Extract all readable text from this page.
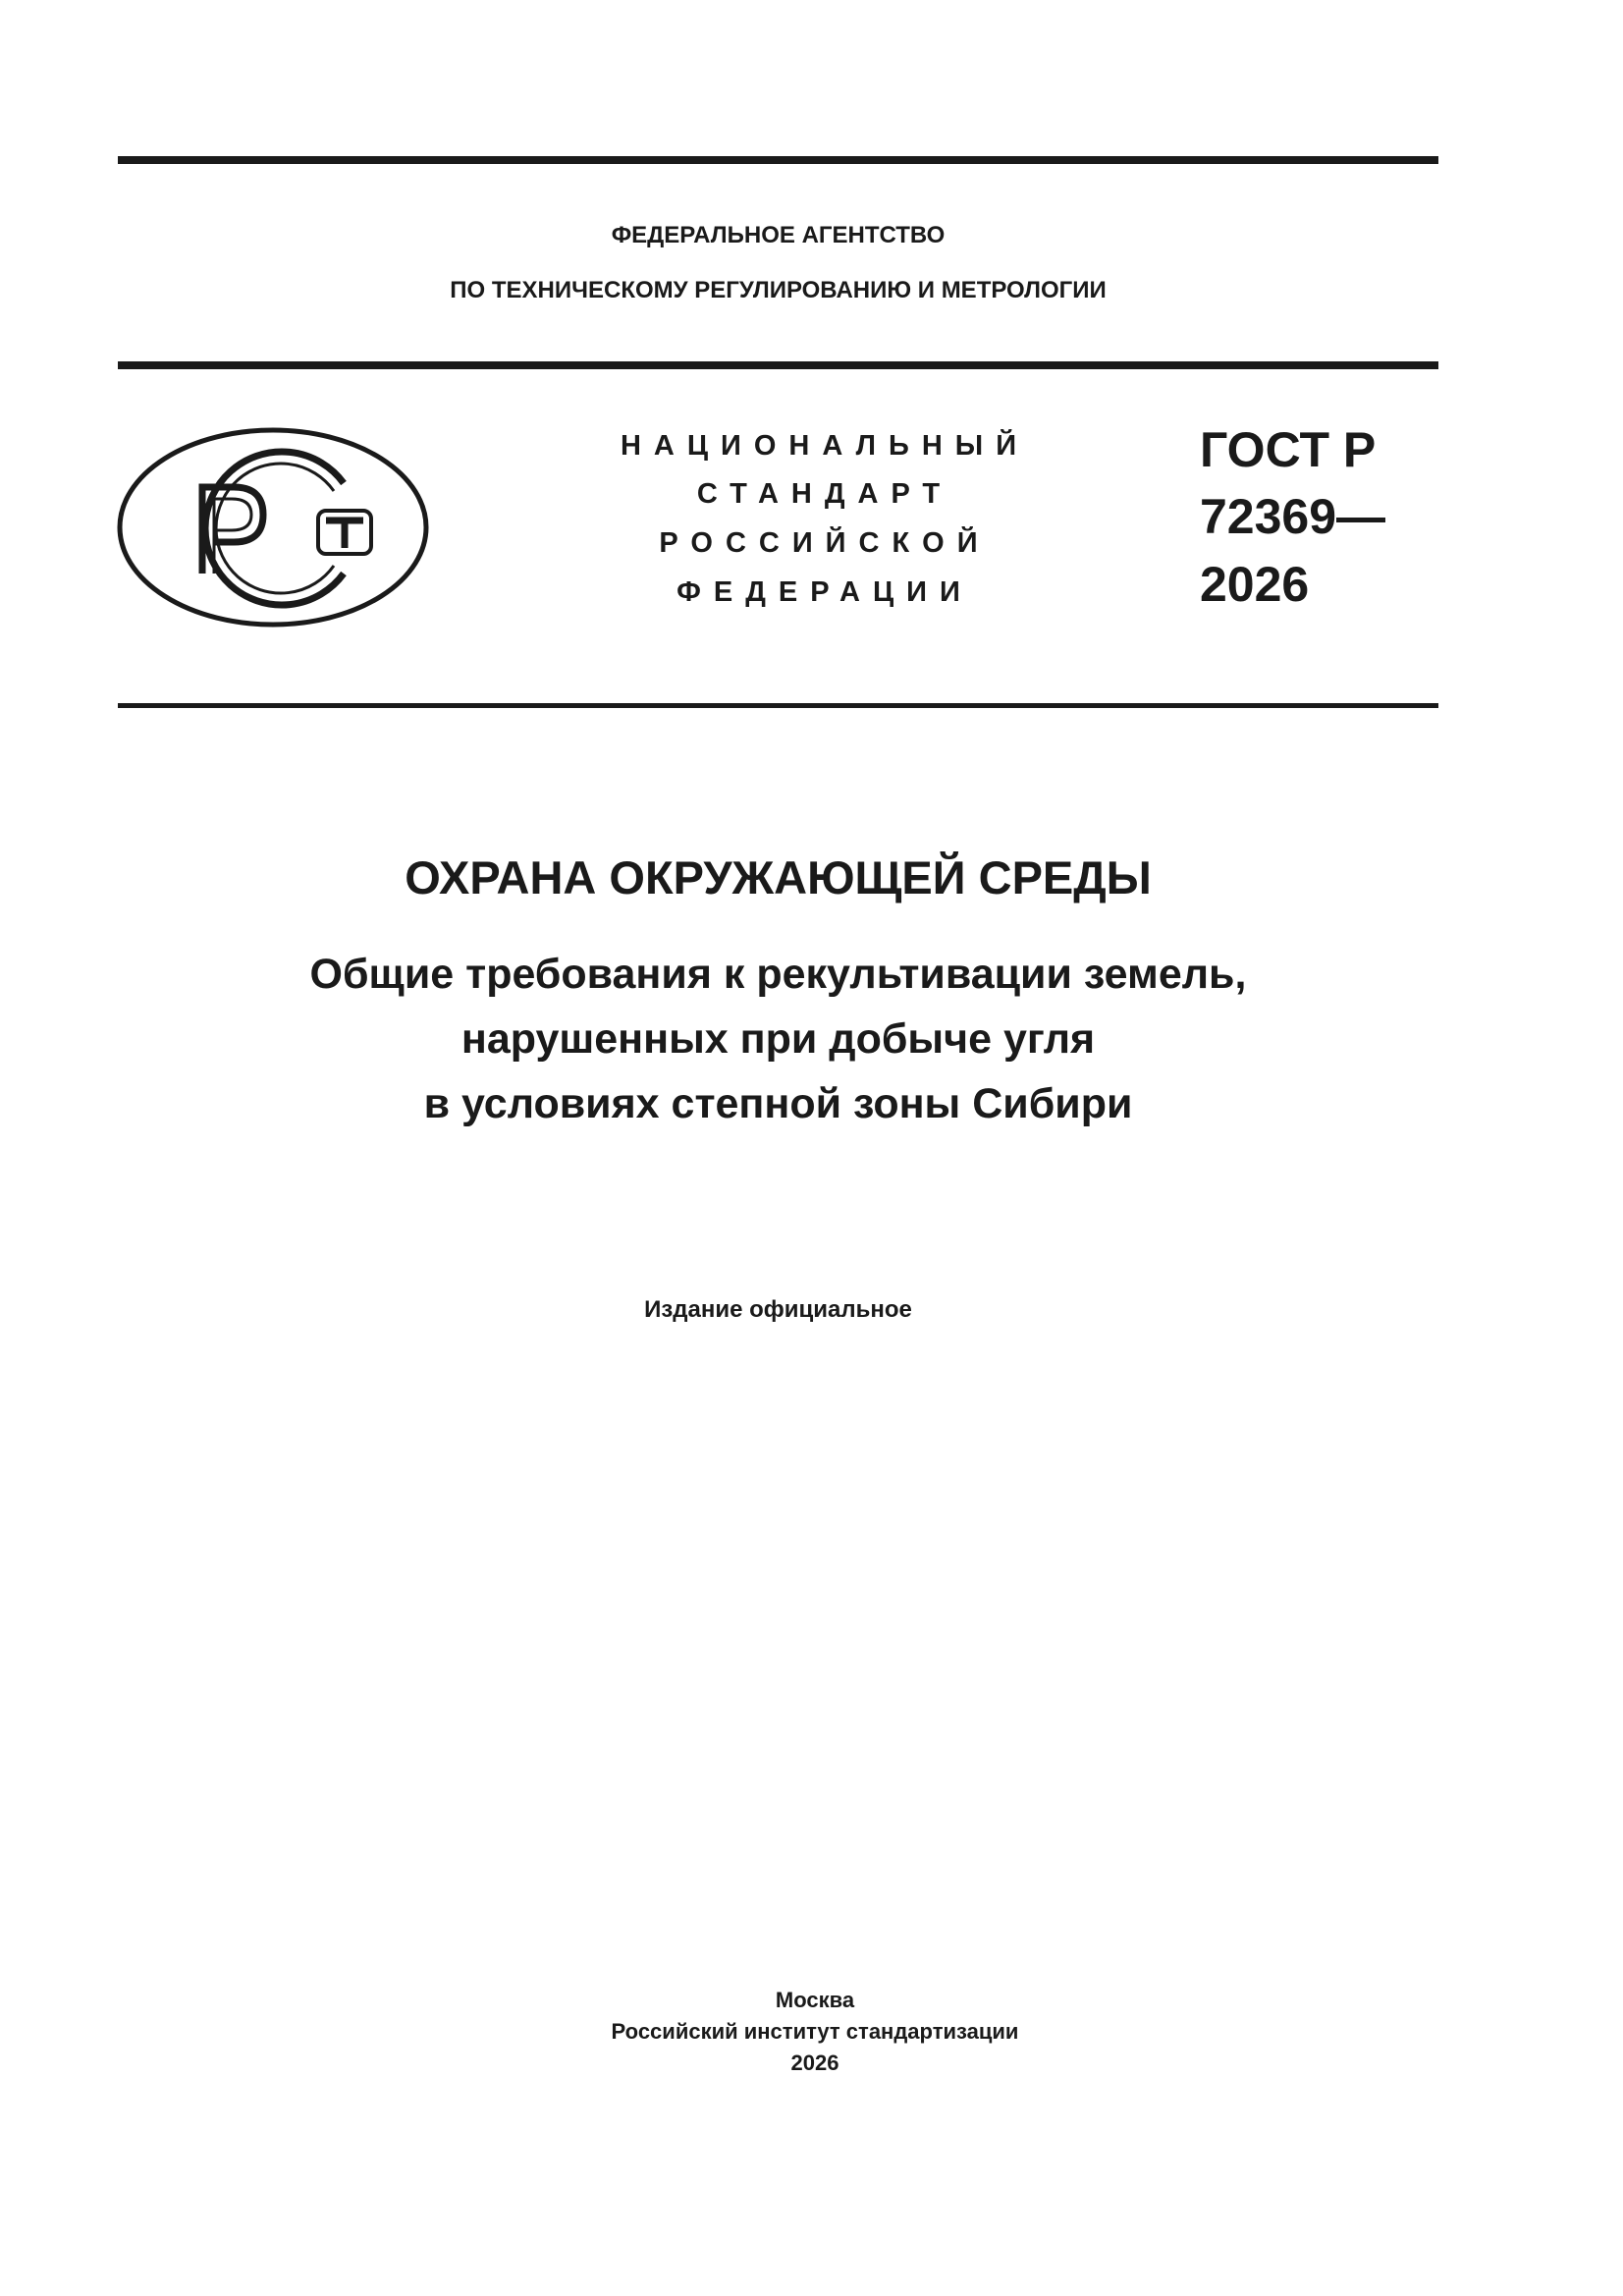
ФЕДЕРАЛЬНОЕ АГЕНТСТВО
ПО ТЕХНИЧЕСКОМУ РЕГУЛИРОВАНИЮ И МЕТРОЛОГИИ
НАЦИОНАЛЬНЫЙ
СТАНДАРТ
РОССИЙСКОЙ
ФЕДЕРАЦИИ
ГОСТ Р
72369—
2026
ОХРАНА ОКРУЖАЮЩЕЙ СРЕДЫ
Общие требования к рекультивации земель,
нарушенных при добыче угля
в условиях степной зоны Сибири
Издание официальное
Москва
Российский институт стандартизации
2026
